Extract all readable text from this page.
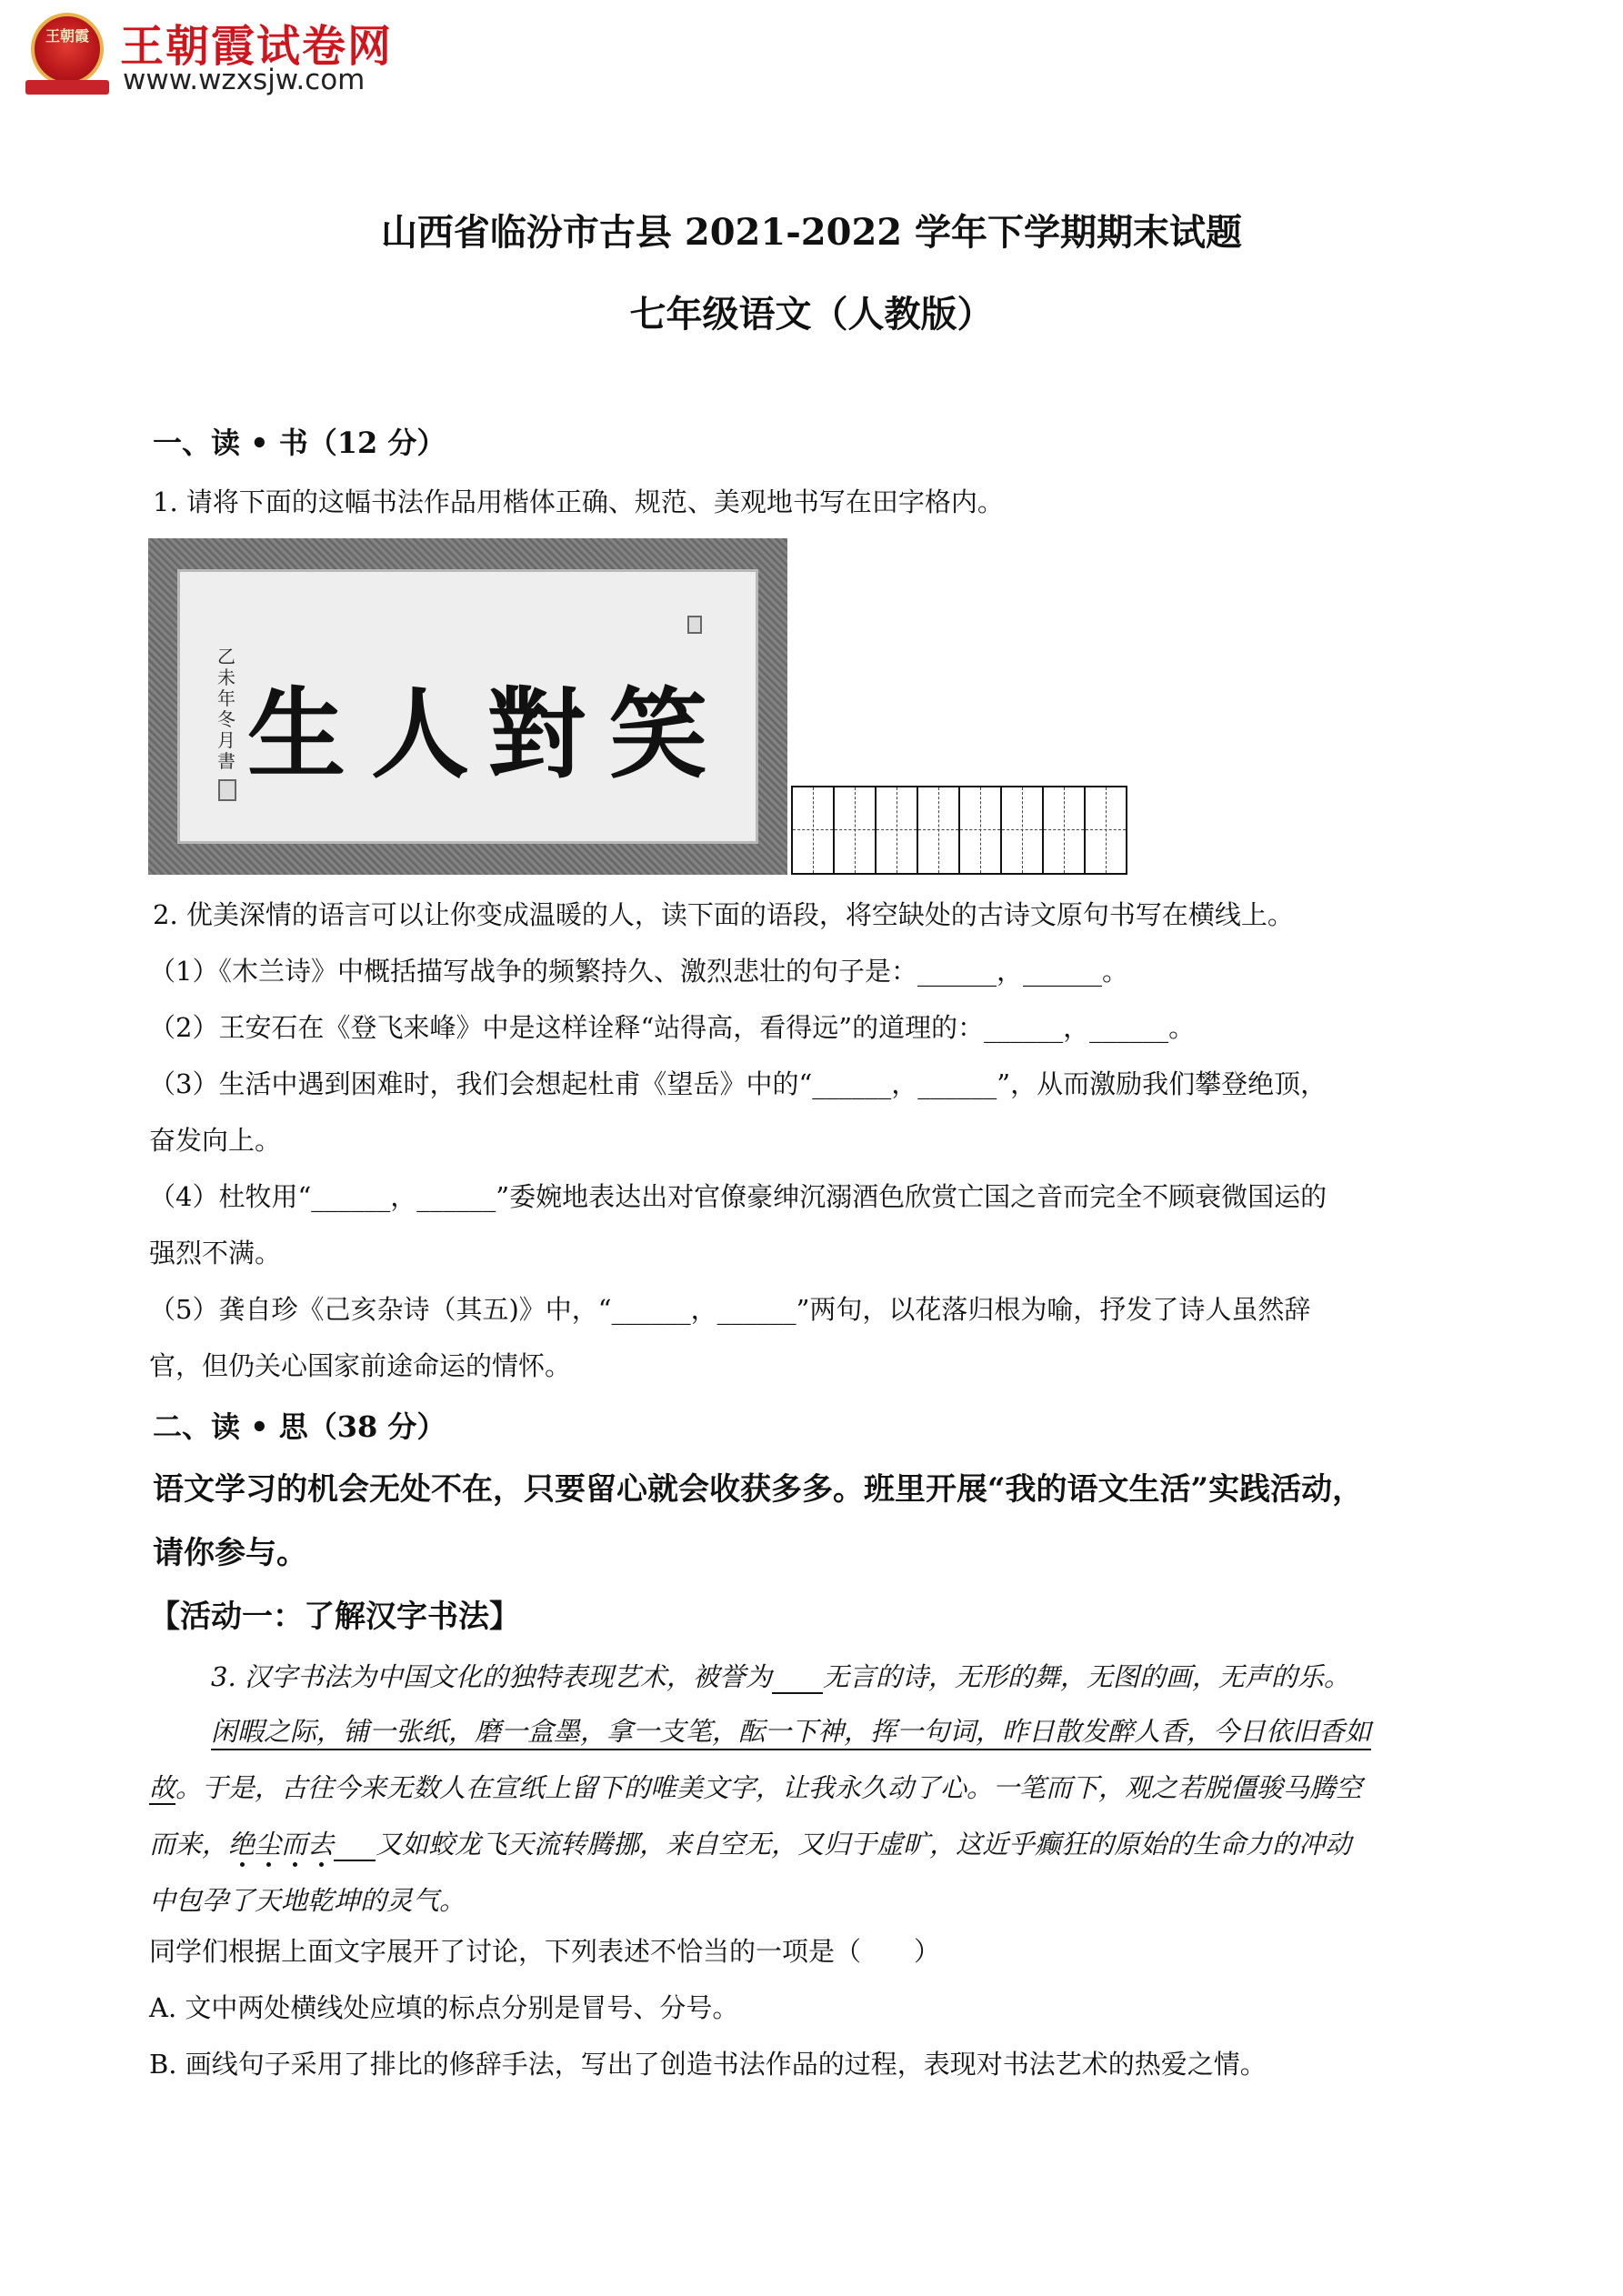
王朝霞 王朝霞试卷网
www.wzxsjw.com
山西省临汾市古县 2021-2022 学年下学期期末试题
七年级语文（人教版）
一、读 • 书（12 分）
1. 请将下面的这幅书法作品用楷体正确、规范、美观地书写在田字格内。
乙未年冬月書 生 人 對 笑
2. 优美深情的语言可以让你变成温暖的人，读下面的语段，将空缺处的古诗文原句书写在横线上。
（1）《木兰诗》中概括描写战争的频繁持久、激烈悲壮的句子是：______，______。
（2）王安石在《登飞来峰》中是这样诠释“站得高，看得远”的道理的：______，______。
（3）生活中遇到困难时，我们会想起杜甫《望岳》中的“______，______”，从而激励我们攀登绝顶，
奋发向上。
（4）杜牧用“______，______”委婉地表达出对官僚豪绅沉溺酒色欣赏亡国之音而完全不顾衰微国运的
强烈不满。
（5）龚自珍《己亥杂诗（其五)》中，“______，______”两句，以花落归根为喻，抒发了诗人虽然辞
官，但仍关心国家前途命运的情怀。
二、读 • 思（38 分）
语文学习的机会无处不在，只要留心就会收获多多。班里开展“我的语文生活”实践活动，
请你参与。
【活动一：了解汉字书法】
3. 汉字书法为中国文化的独特表现艺术，被誉为 无言的诗，无形的舞，无图的画，无声的乐。
闲暇之际，铺一张纸，磨一盒墨，拿一支笔，酝一下神，挥一句词，昨日散发醉人香，今日依旧香如
故。于是，古往今来无数人在宣纸上留下的唯美文字，让我永久动了心。一笔而下，观之若脱僵骏马腾空
而来，绝尘而去 又如蛟龙飞天流转腾挪，来自空无，又归于虚旷，这近乎癫狂的原始的生命力的冲动
中包孕了天地乾坤的灵气。
同学们根据上面文字展开了讨论，下列表述不恰当的一项是（　　）
A. 文中两处横线处应填的标点分别是冒号、分号。
B. 画线句子采用了排比的修辞手法，写出了创造书法作品的过程，表现对书法艺术的热爱之情。
